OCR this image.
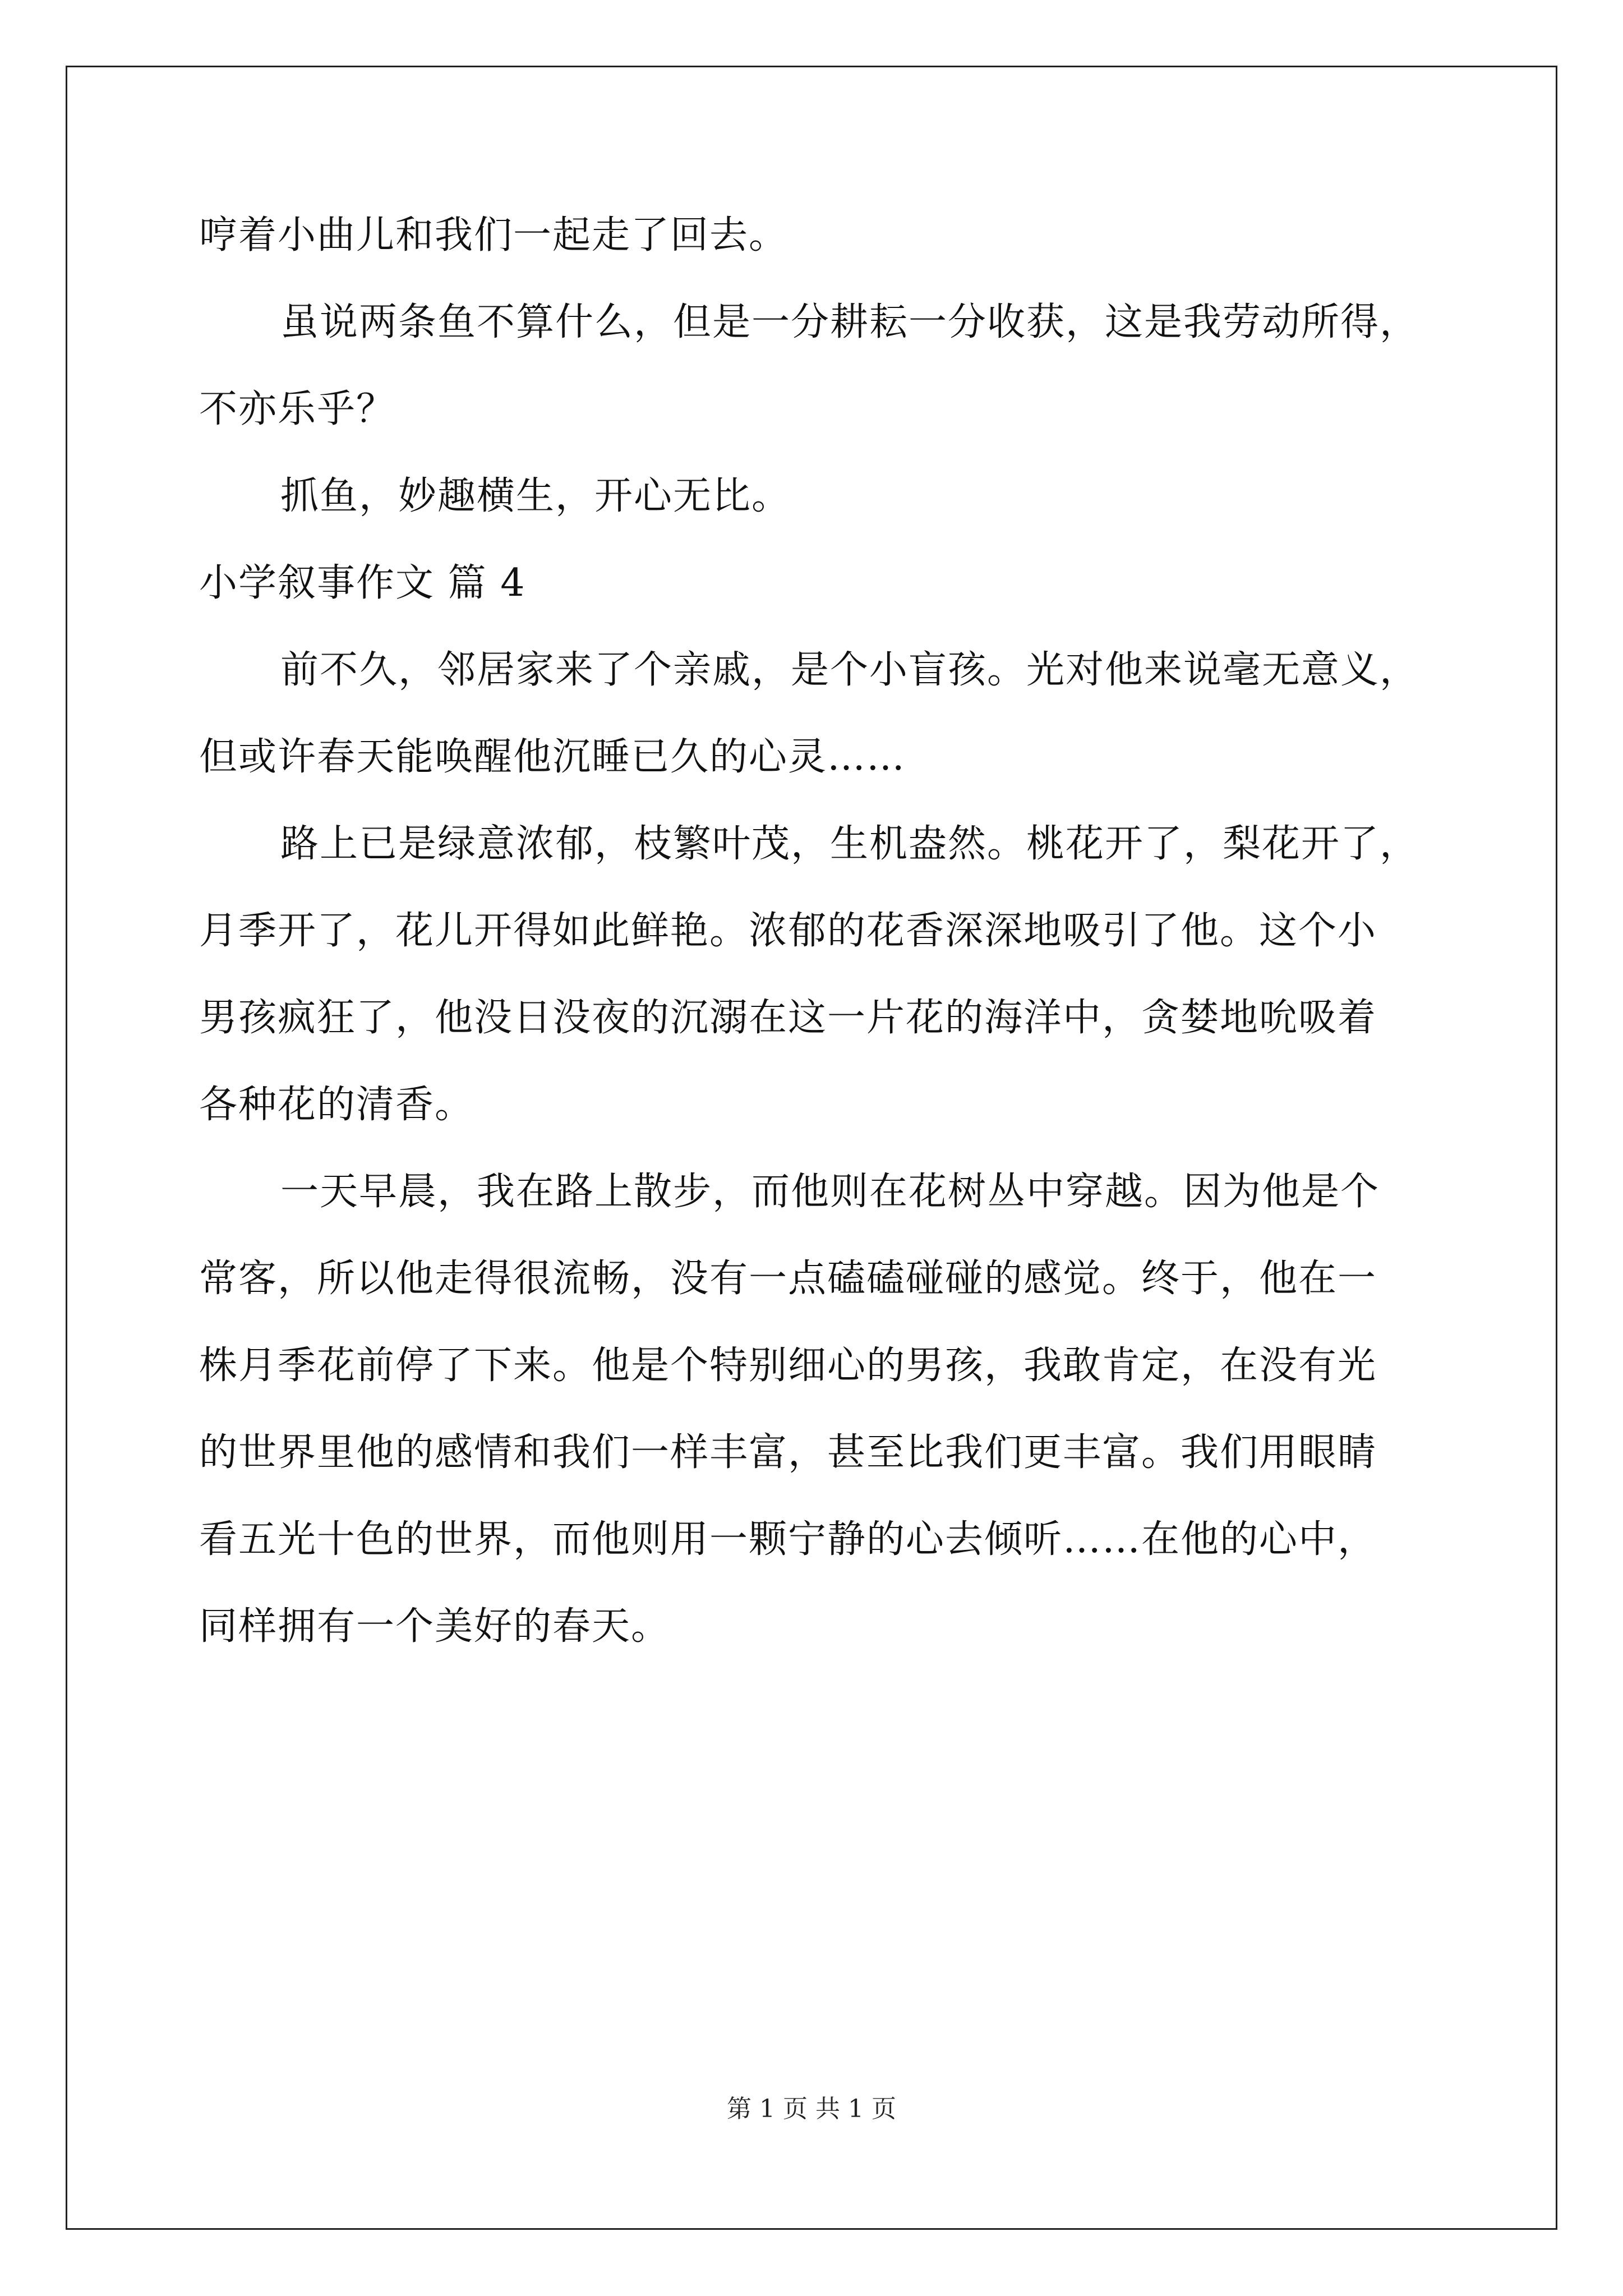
哼着小曲儿和我们一起走了回去。
虽说两条鱼不算什么，但是一分耕耘一分收获，这是我劳动所得，
不亦乐乎？
抓鱼，妙趣横生，开心无比。
小学叙事作文 篇 4
前不久，邻居家来了个亲戚，是个小盲孩。光对他来说毫无意义，
但或许春天能唤醒他沉睡已久的心灵……
路上已是绿意浓郁，枝繁叶茂，生机盎然。桃花开了，梨花开了，
月季开了，花儿开得如此鲜艳。浓郁的花香深深地吸引了他。这个小
男孩疯狂了，他没日没夜的沉溺在这一片花的海洋中，贪婪地吮吸着
各种花的清香。
一天早晨，我在路上散步，而他则在花树丛中穿越。因为他是个
常客，所以他走得很流畅，没有一点磕磕碰碰的感觉。终于，他在一
株月季花前停了下来。他是个特别细心的男孩，我敢肯定，在没有光
的世界里他的感情和我们一样丰富，甚至比我们更丰富。我们用眼睛
看五光十色的世界，而他则用一颗宁静的心去倾听……在他的心中，
同样拥有一个美好的春天。
第 1 页 共 1 页
